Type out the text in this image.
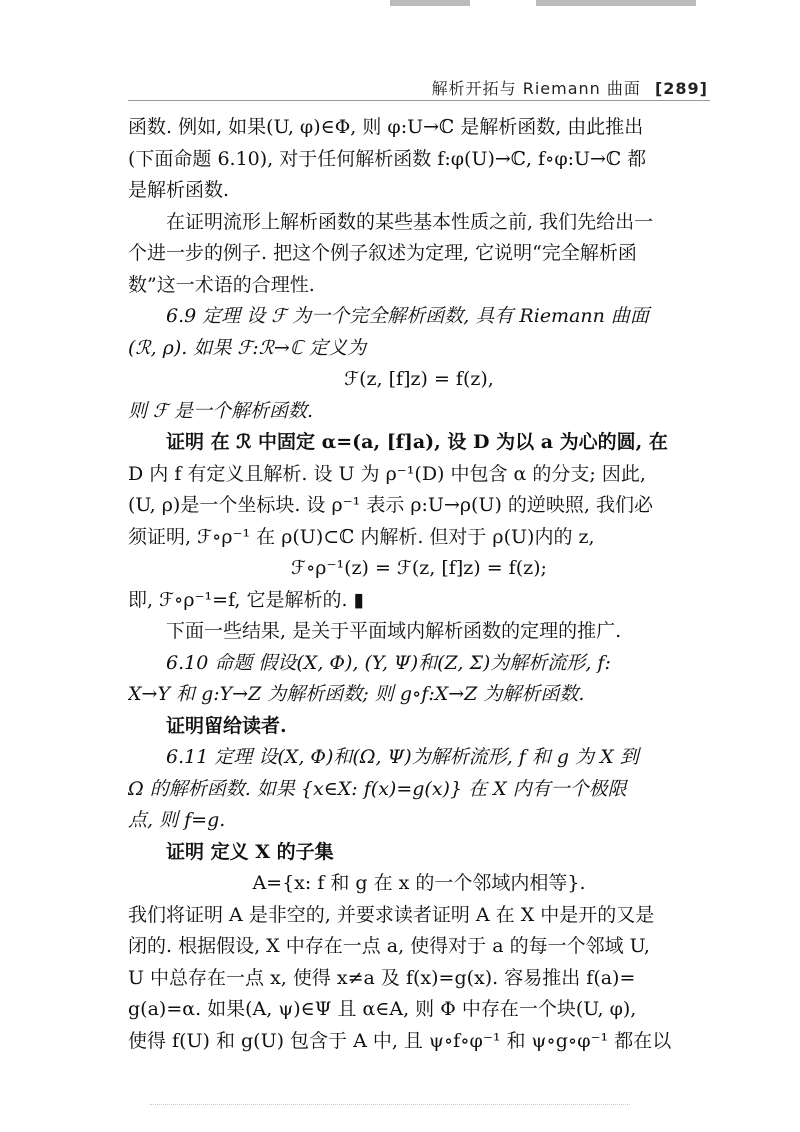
解析开拓与 Riemann 曲面 [289]
函数. 例如, 如果(U, φ)∈Φ, 则 φ:U→ℂ 是解析函数, 由此推出
(下面命题 6.10), 对于任何解析函数 f:φ(U)→ℂ, f∘φ:U→ℂ 都
是解析函数.
在证明流形上解析函数的某些基本性质之前, 我们先给出一
个进一步的例子. 把这个例子叙述为定理, 它说明“完全解析函
数”这一术语的合理性.
6.9 定理 设 ℱ 为一个完全解析函数, 具有 Riemann 曲面
(ℛ, ρ). 如果 ℱ:ℛ→ℂ 定义为
ℱ(z, [f]z) = f(z),
则 ℱ 是一个解析函数.
证明 在 ℛ 中固定 α=(a, [f]a), 设 D 为以 a 为心的圆, 在
D 内 f 有定义且解析. 设 U 为 ρ⁻¹(D) 中包含 α 的分支; 因此,
(U, ρ)是一个坐标块. 设 ρ⁻¹ 表示 ρ:U→ρ(U) 的逆映照, 我们必
须证明, ℱ∘ρ⁻¹ 在 ρ(U)⊂ℂ 内解析. 但对于 ρ(U)内的 z,
ℱ∘ρ⁻¹(z) = ℱ(z, [f]z) = f(z);
即, ℱ∘ρ⁻¹=f, 它是解析的. ▮
下面一些结果, 是关于平面域内解析函数的定理的推广.
6.10 命题 假设(X, Φ), (Y, Ψ)和(Z, Σ)为解析流形, f:
X→Y 和 g:Y→Z 为解析函数; 则 g∘f:X→Z 为解析函数.
证明留给读者.
6.11 定理 设(X, Φ)和(Ω, Ψ)为解析流形, f 和 g 为 X 到
Ω 的解析函数. 如果 {x∈X: f(x)=g(x)} 在 X 内有一个极限
点, 则 f=g.
证明 定义 X 的子集
A={x: f 和 g 在 x 的一个邻域内相等}.
我们将证明 A 是非空的, 并要求读者证明 A 在 X 中是开的又是
闭的. 根据假设, X 中存在一点 a, 使得对于 a 的每一个邻域 U,
U 中总存在一点 x, 使得 x≠a 及 f(x)=g(x). 容易推出 f(a)=
g(a)=α. 如果(A, ψ)∈Ψ 且 α∈A, 则 Φ 中存在一个块(U, φ),
使得 f(U) 和 g(U) 包含于 A 中, 且 ψ∘f∘φ⁻¹ 和 ψ∘g∘φ⁻¹ 都在以
